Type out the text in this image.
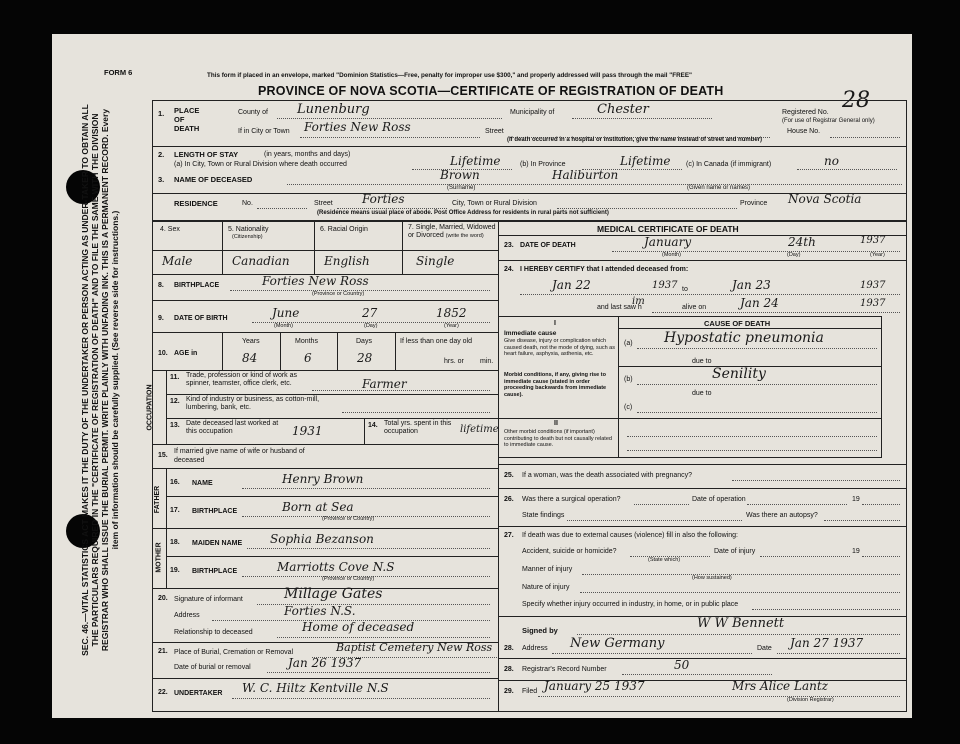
SEC. 46.—VITAL STATISTICS ACT MAKES IT THE DUTY OF THE UNDERTAKER OR PERSON ACTING AS UNDER-TAKER TO OBTAIN ALL THE PARTICULARS REQUIRED IN THE "CERTIFICATE OF REGISTRATION OF DEATH" AND TO FILE THE SAME WITH THE DIVISION REGISTRAR WHO SHALL ISSUE THE BURIAL PERMIT. WRITE PLAINLY WITH UNFADING INK. THIS IS A PERMANENT RECORD. Every item of information should be carefully supplied. (See reverse side for instructions.)
FORM 6	This form if placed in an envelope, marked "Dominion Statistics—Free, penalty for improper use $300," and properly addressed will pass through the mail "FREE"
PROVINCE OF NOVA SCOTIA—CERTIFICATE OF REGISTRATION OF DEATH
1. PLACE
OF
DEATH
County of Lunenburg	Municipality of	Chester	Registered No. 28
(For use of Registrar General only)
If in City or Town Forties New Ross	Street	House No.
(If death occurred in a hospital or institution, give the name instead of street and number)
2. LENGTH OF STAY	(in years, months and days)
(a) In City, Town or Rural Division where death occurred	Lifetime	(b) In Province	Lifetime (c) In Canada (if immigrant)	no
3. NAME OF DECEASED	Brown	Haliburton
(Surname)	(Given name or names)
RESIDENCE	No.	Street Forties	City, Town or Rural Division	Province Nova Scotia
(Residence means usual place of abode. Post Office Address for residents in rural parts not sufficient)
4. Sex	5. Nationality
(Citizenship)
6. Racial Origin	7. Single, Married, Widowed or Divorced (write the word)
Male	Canadian	English	Single
8. BIRTHPLACE	Forties New Ross
(Province or Country)
9. DATE OF BIRTH	June	27	1852
(Month)	(Day)	(Year)
10. AGE in
Years	Months	Days	If less than one day old
84	6	28	hrs. or min.
OCCUPATION
11. Trade, profession or kind of work as spinner, teamster, office clerk, etc.	Farmer
12. Kind of industry or business, as cotton-mill, lumbering, bank, etc.
13. Date deceased last worked at this occupation	1931	14. Total yrs. spent in this occupation	lifetime
15.
If married give name of wife or husband of deceased
FATHER
MOTHER
16. NAME	Henry Brown
17. BIRTHPLACE	Born at Sea
(Province or Country)
18. MAIDEN NAME Sophia Bezanson
19. BIRTHPLACE	Marriotts Cove N.S
(Province or Country)
20. Signature of informant	Millage Gates
Address	Forties N.S.
Relationship to deceased	Home of deceased
21. Place of Burial, Cremation or Removal	Baptist Cemetery New Ross
Date of burial or removal	Jan 26 1937
22. UNDERTAKER W. C. Hiltz Kentville N.S
MEDICAL CERTIFICATE OF DEATH
23. DATE OF DEATH	January	24th	1937
(Month)	(Day)	(Year)
24. I HEREBY CERTIFY that I attended deceased from:
Jan 22	1937 to	Jan 23	1937
and last saw h
im
alive on	Jan 24	1937
CAUSE OF DEATH
I
Immediate cause
Give disease, injury or complication which caused death, not the mode of dying, such as heart failure, asphyxia, asthenia, etc.
(a) Hypostatic pneumonia
due to
Morbid conditions, if any, giving rise to immediate cause (stated in order proceeding backwards from immediate cause).
(b)	Senility
due to
(c)
II
Other morbid conditions (if important) contributing to death but not causally related to immediate cause.
25. If a woman, was the death associated with pregnancy?
26. Was there a surgical operation?	Date of operation	19
State findings	Was there an autopsy?
27. If death was due to external causes (violence) fill in also the following:
Accident, suicide or homicide?	Date of injury	19
(State which)
Manner of injury
(How sustained)
Nature of injury
Specify whether injury occurred in industry, in home, or in public place
Signed by	W W Bennett
28. Address New Germany	Date Jan 27 1937
28. Registrar's Record Number	50
29. Filed January 25 1937	Mrs Alice Lantz
(Division Registrar)
